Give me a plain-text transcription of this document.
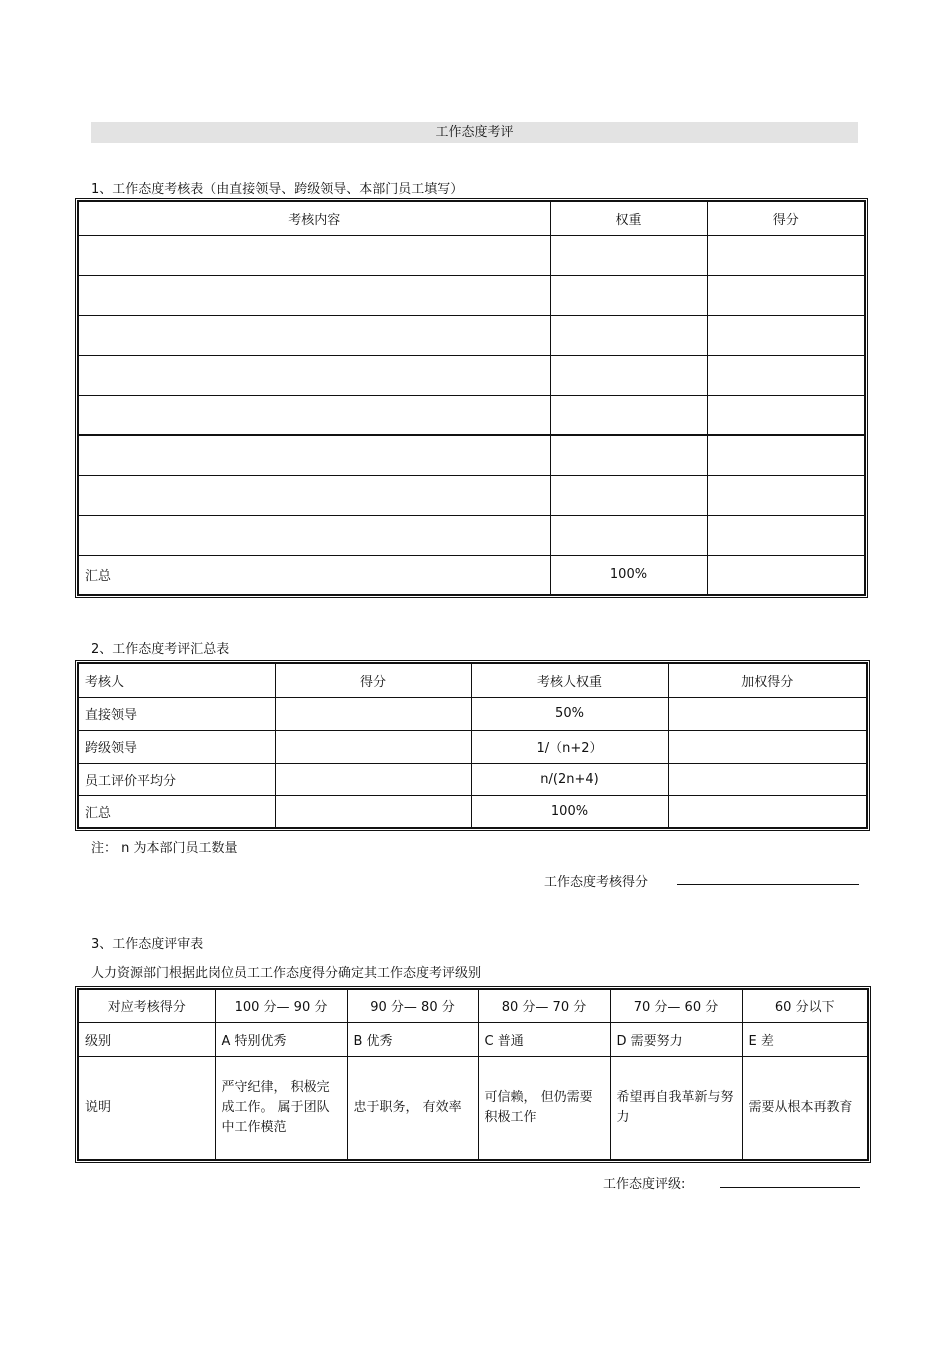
工作态度考评
1、工作态度考核表（由直接领导、跨级领导、本部门员工填写）
考核内容	权重	得分

汇总	100%	
2、工作态度考评汇总表
考核人	得分	考核人权重	加权得分
直接领导		50%	
跨级领导		1/（n+2）	
员工评价平均分		n/(2n+4)	
汇总		100%	
注： n 为本部门员工数量
工作态度考核得分
3、工作态度评审表
人力资源部门根据此岗位员工工作态度得分确定其工作态度考评级别
对应考核得分	100 分— 90 分	90 分— 80 分	80 分— 70 分	70 分— 60 分	60 分以下
级别	A 特别优秀	B 优秀	C 普通	D 需要努力	E 差
说明	严守纪律， 积极完成工作。 属于团队中工作模范	忠于职务， 有效率	可信赖， 但仍需要积极工作	希望再自我革新与努力	需要从根本再教育
工作态度评级:
